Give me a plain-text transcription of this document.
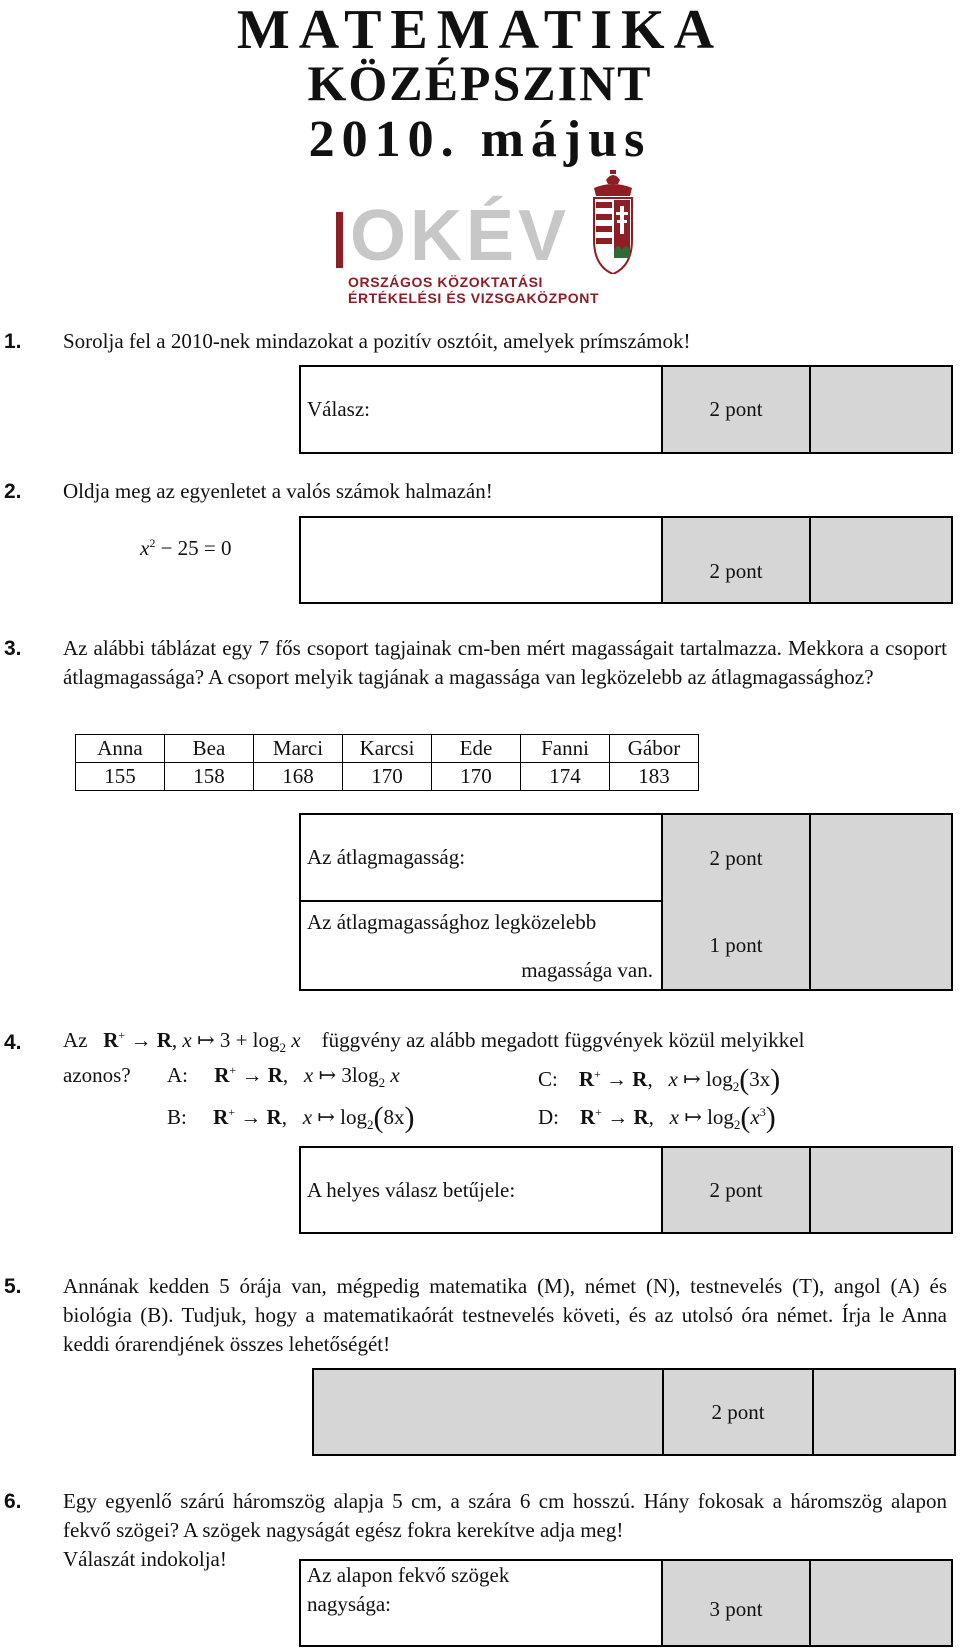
MATEMATIKA
KÖZÉPSZINT
2010. május
OKÉV
ORSZÁGOS KÖZOKTATÁSI
ÉRTÉKELÉSI ÉS VIZSGAKÖZPONT
1. Sorolja fel a 2010-nek mindazokat a pozitív osztóit, amelyek prímszámok!
Válasz:	2 pont
2. Oldja meg az egyenletet a valós számok halmazán!
$x^2 - 25 = 0$
2 pont
3. Az alábbi táblázat egy 7 fős csoport tagjainak cm-ben mért magasságait tartalmazza. Mekkora a csoport átlagmagassága? A csoport melyik tagjának a magassága van legközelebb az átlagmagassághoz?
Anna	Bea	Marci	Karcsi	Ede	Fanni	Gábor
155	158	168	170	170	174	183
Az átlagmagasság:	2 pont
Az átlagmagassághoz legközelebb
magassága van.
1 pont
4. Az R+ → R, x ↦ $3 + \log_2 x$ függvény az alább megadott függvények közül melyikkel
azonos? A: R+ → R,   x ↦ $3\log_2$ x	C: R+ → R,   x ↦ $\log_2(3x)$
B: R+ → R,   x ↦ $\log_2(8x)$	D: R+ → R,   x ↦ $\log_2(x^3)$
A helyes válasz betűjele:	2 pont
5. Annának kedden 5 órája van, mégpedig matematika (M), német (N), testnevelés (T), angol (A) és biológia (B). Tudjuk, hogy a matematikaórát testnevelés követi, és az utolsó óra német. Írja le Anna keddi órarendjének összes lehetőségét!
2 pont
6. Egy egyenlő szárú háromszög alapja 5 cm, a szára 6 cm hosszú. Hány fokosak a háromszög alapon fekvő szögei? A szögek nagyságát egész fokra kerekítve adja meg!
Válaszát indokolja!
Az alapon fekvő szögek
nagysága:	3 pont
